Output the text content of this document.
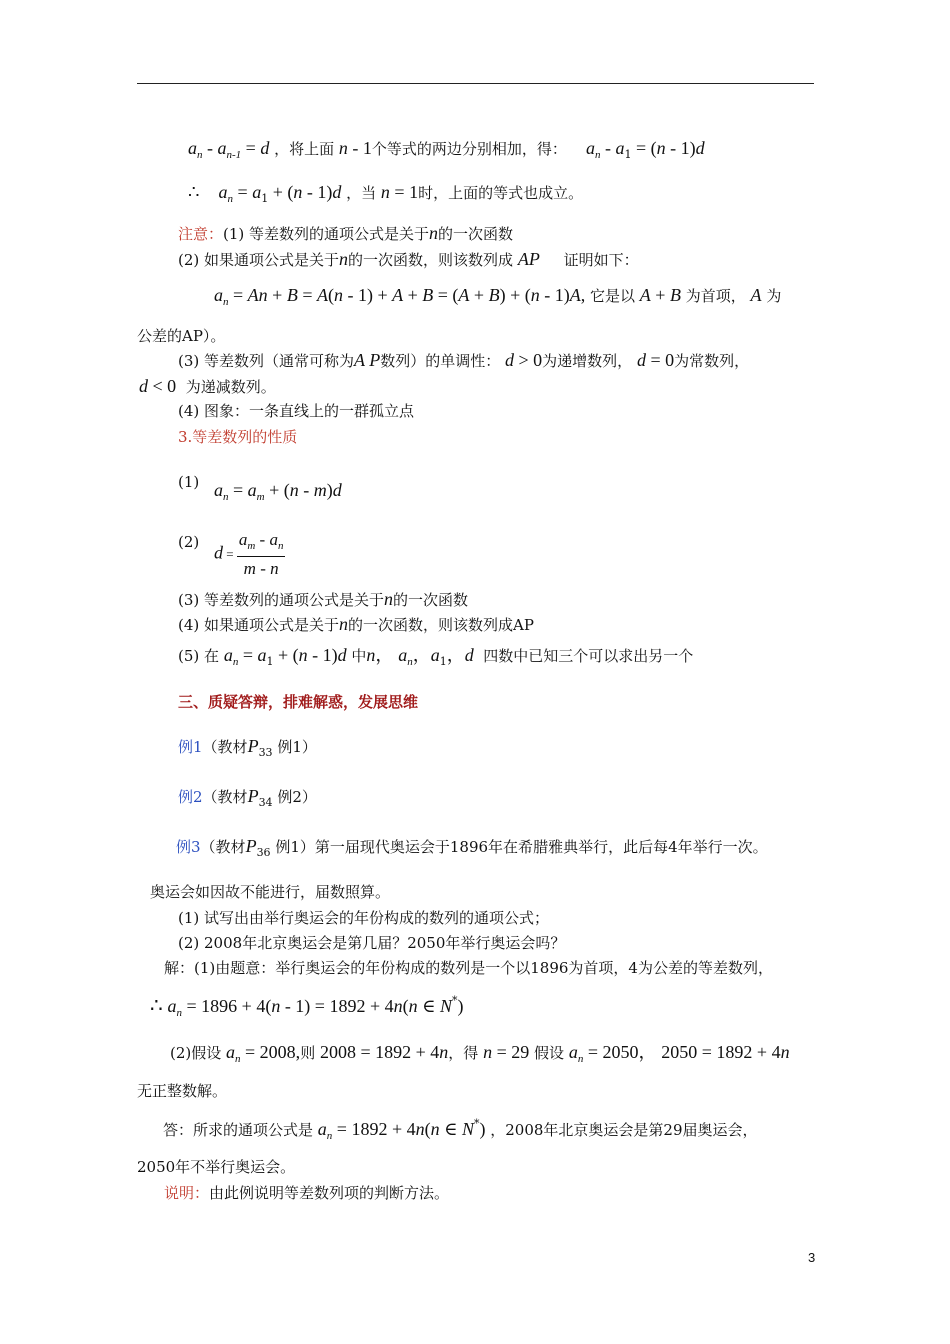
$a_n - a_{n-1} = d$ ，将上面 n - 1个等式的两边分别相加，得： $a_n - a_1 = (n - 1)d$
∴ $a_n = a_1 + (n - 1)d$ ，当 n = 1时，上面的等式也成立。
注意：(1) 等差数列的通项公式是关于n的一次函数
(2) 如果通项公式是关于n的一次函数，则该数列成 AP 证明如下：
$a_n = An + B = A(n - 1) + A + B = (A + B) + (n - 1)A$, 它是以 A + B 为首项， A 为
公差的AP）。
(3) 等差数列（通常可称为A P数列）的单调性： d > 0为递增数列， d = 0为常数列，
d < 0 为递减数列。
(4) 图象：一条直线上的一群孤立点
3.等差数列的性质
(1) $a_n = a_m + (n - m)d$
(2)
$d = \frac{a_m - a_n}{m - n}$
(3) 等差数列的通项公式是关于n的一次函数
(4) 如果通项公式是关于n的一次函数，则该数列成AP
(5) 在 $a_n = a_1 + (n - 1)d$ 中n， $a_n$，$a_1$，d 四数中已知三个可以求出另一个
三、质疑答辩，排难解惑，发展思维
例1（教材$P_{33}$ 例1）
例2（教材$P_{34}$ 例2）
例3（教材$P_{36}$ 例1）第一届现代奥运会于1896年在希腊雅典举行，此后每4年举行一次。
奥运会如因故不能进行，届数照算。
(1) 试写出由举行奥运会的年份构成的数列的通项公式；
(2) 2008年北京奥运会是第几届？2050年举行奥运会吗？
解：(1)由题意：举行奥运会的年份构成的数列是一个以1896为首项，4为公差的等差数列，
∴ $a_n = 1896 + 4(n - 1) = 1892 + 4n(n$ ∈ N*)
(2)假设 $a_n = 2008$,则 2008 = 1892 + 4n，得 n = 29 假设 $a_n = 2050$， 2050 = 1892 + 4n
无正整数解。
答：所求的通项公式是 $a_n = 1892 + 4n(n$ ∈ N*) ，2008年北京奥运会是第29届奥运会，
2050年不举行奥运会。
说明：由此例说明等差数列项的判断方法。
3
